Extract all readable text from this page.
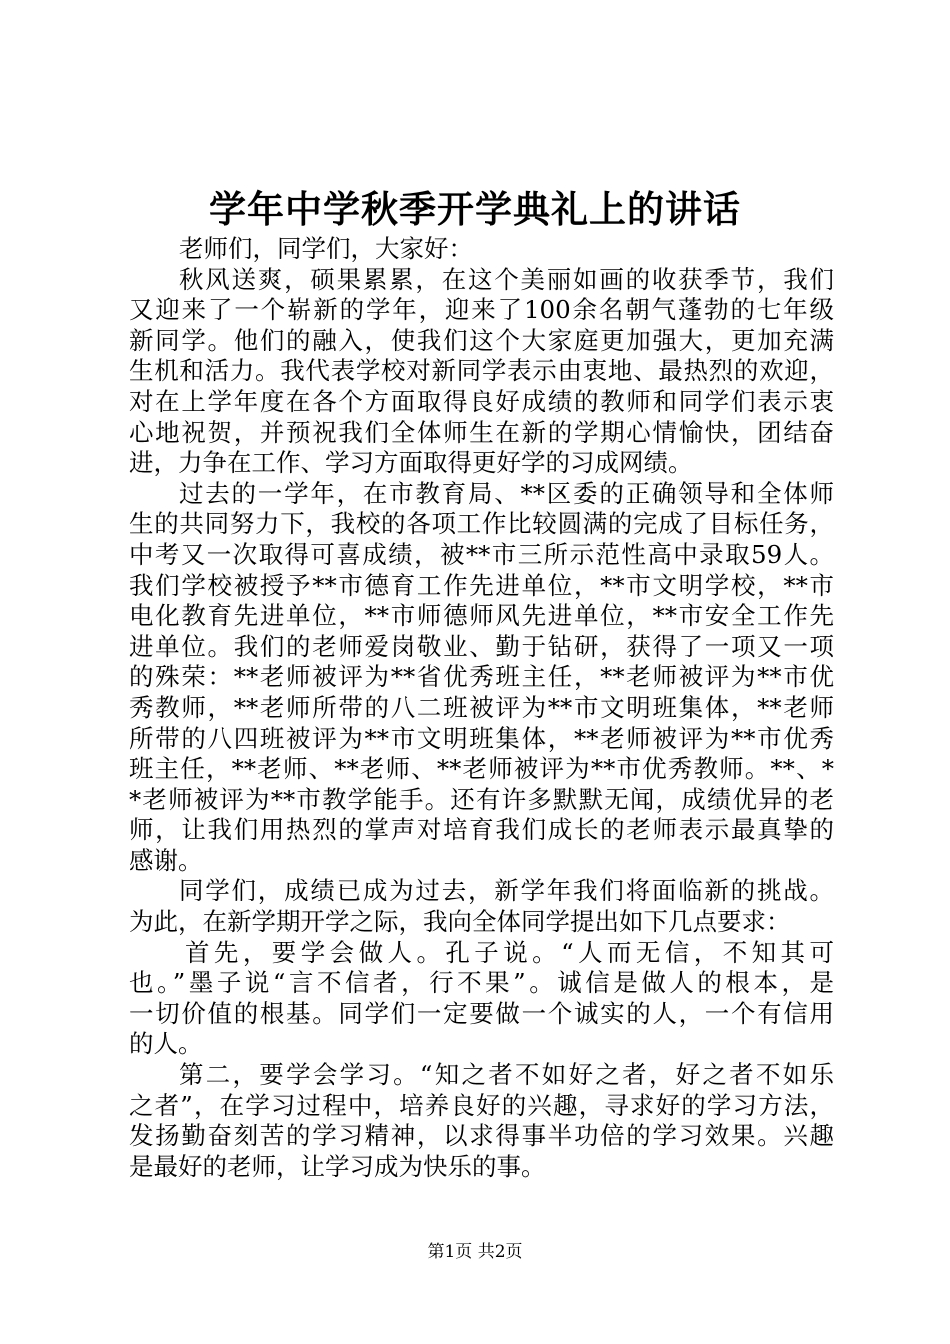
学年中学秋季开学典礼上的讲话
老师们，同学们，大家好：
秋风送爽，硕果累累，在这个美丽如画的收获季节，我们
又迎来了一个崭新的学年，迎来了100余名朝气蓬勃的七年级
新同学。他们的融入，使我们这个大家庭更加强大，更加充满
生机和活力。我代表学校对新同学表示由衷地、最热烈的欢迎，
对在上学年度在各个方面取得良好成绩的教师和同学们表示衷
心地祝贺，并预祝我们全体师生在新的学期心情愉快，团结奋
进，力争在工作、学习方面取得更好学的习成网绩。
过去的一学年，在市教育局、**区委的正确领导和全体师
生的共同努力下，我校的各项工作比较圆满的完成了目标任务，
中考又一次取得可喜成绩，被**市三所示范性高中录取59人。
我们学校被授予**市德育工作先进单位，**市文明学校，**市
电化教育先进单位，**市师德师风先进单位，**市安全工作先
进单位。我们的老师爱岗敬业、勤于钻研，获得了一项又一项
的殊荣：**老师被评为**省优秀班主任，**老师被评为**市优
秀教师，**老师所带的八二班被评为**市文明班集体，**老师
所带的八四班被评为**市文明班集体，**老师被评为**市优秀
班主任，**老师、**老师、**老师被评为**市优秀教师。**、*
*老师被评为**市教学能手。还有许多默默无闻，成绩优异的老
师，让我们用热烈的掌声对培育我们成长的老师表示最真挚的
感谢。
同学们，成绩已成为过去，新学年我们将面临新的挑战。
为此，在新学期开学之际，我向全体同学提出如下几点要求：
首先，要学会做人。孔子说。“人而无信，不知其可
也。”墨子说“言不信者，行不果”。诚信是做人的根本，是
一切价值的根基。同学们一定要做一个诚实的人，一个有信用
的人。
第二，要学会学习。“知之者不如好之者，好之者不如乐
之者”，在学习过程中，培养良好的兴趣，寻求好的学习方法，
发扬勤奋刻苦的学习精神，以求得事半功倍的学习效果。兴趣
是最好的老师，让学习成为快乐的事。
第1页 共2页
